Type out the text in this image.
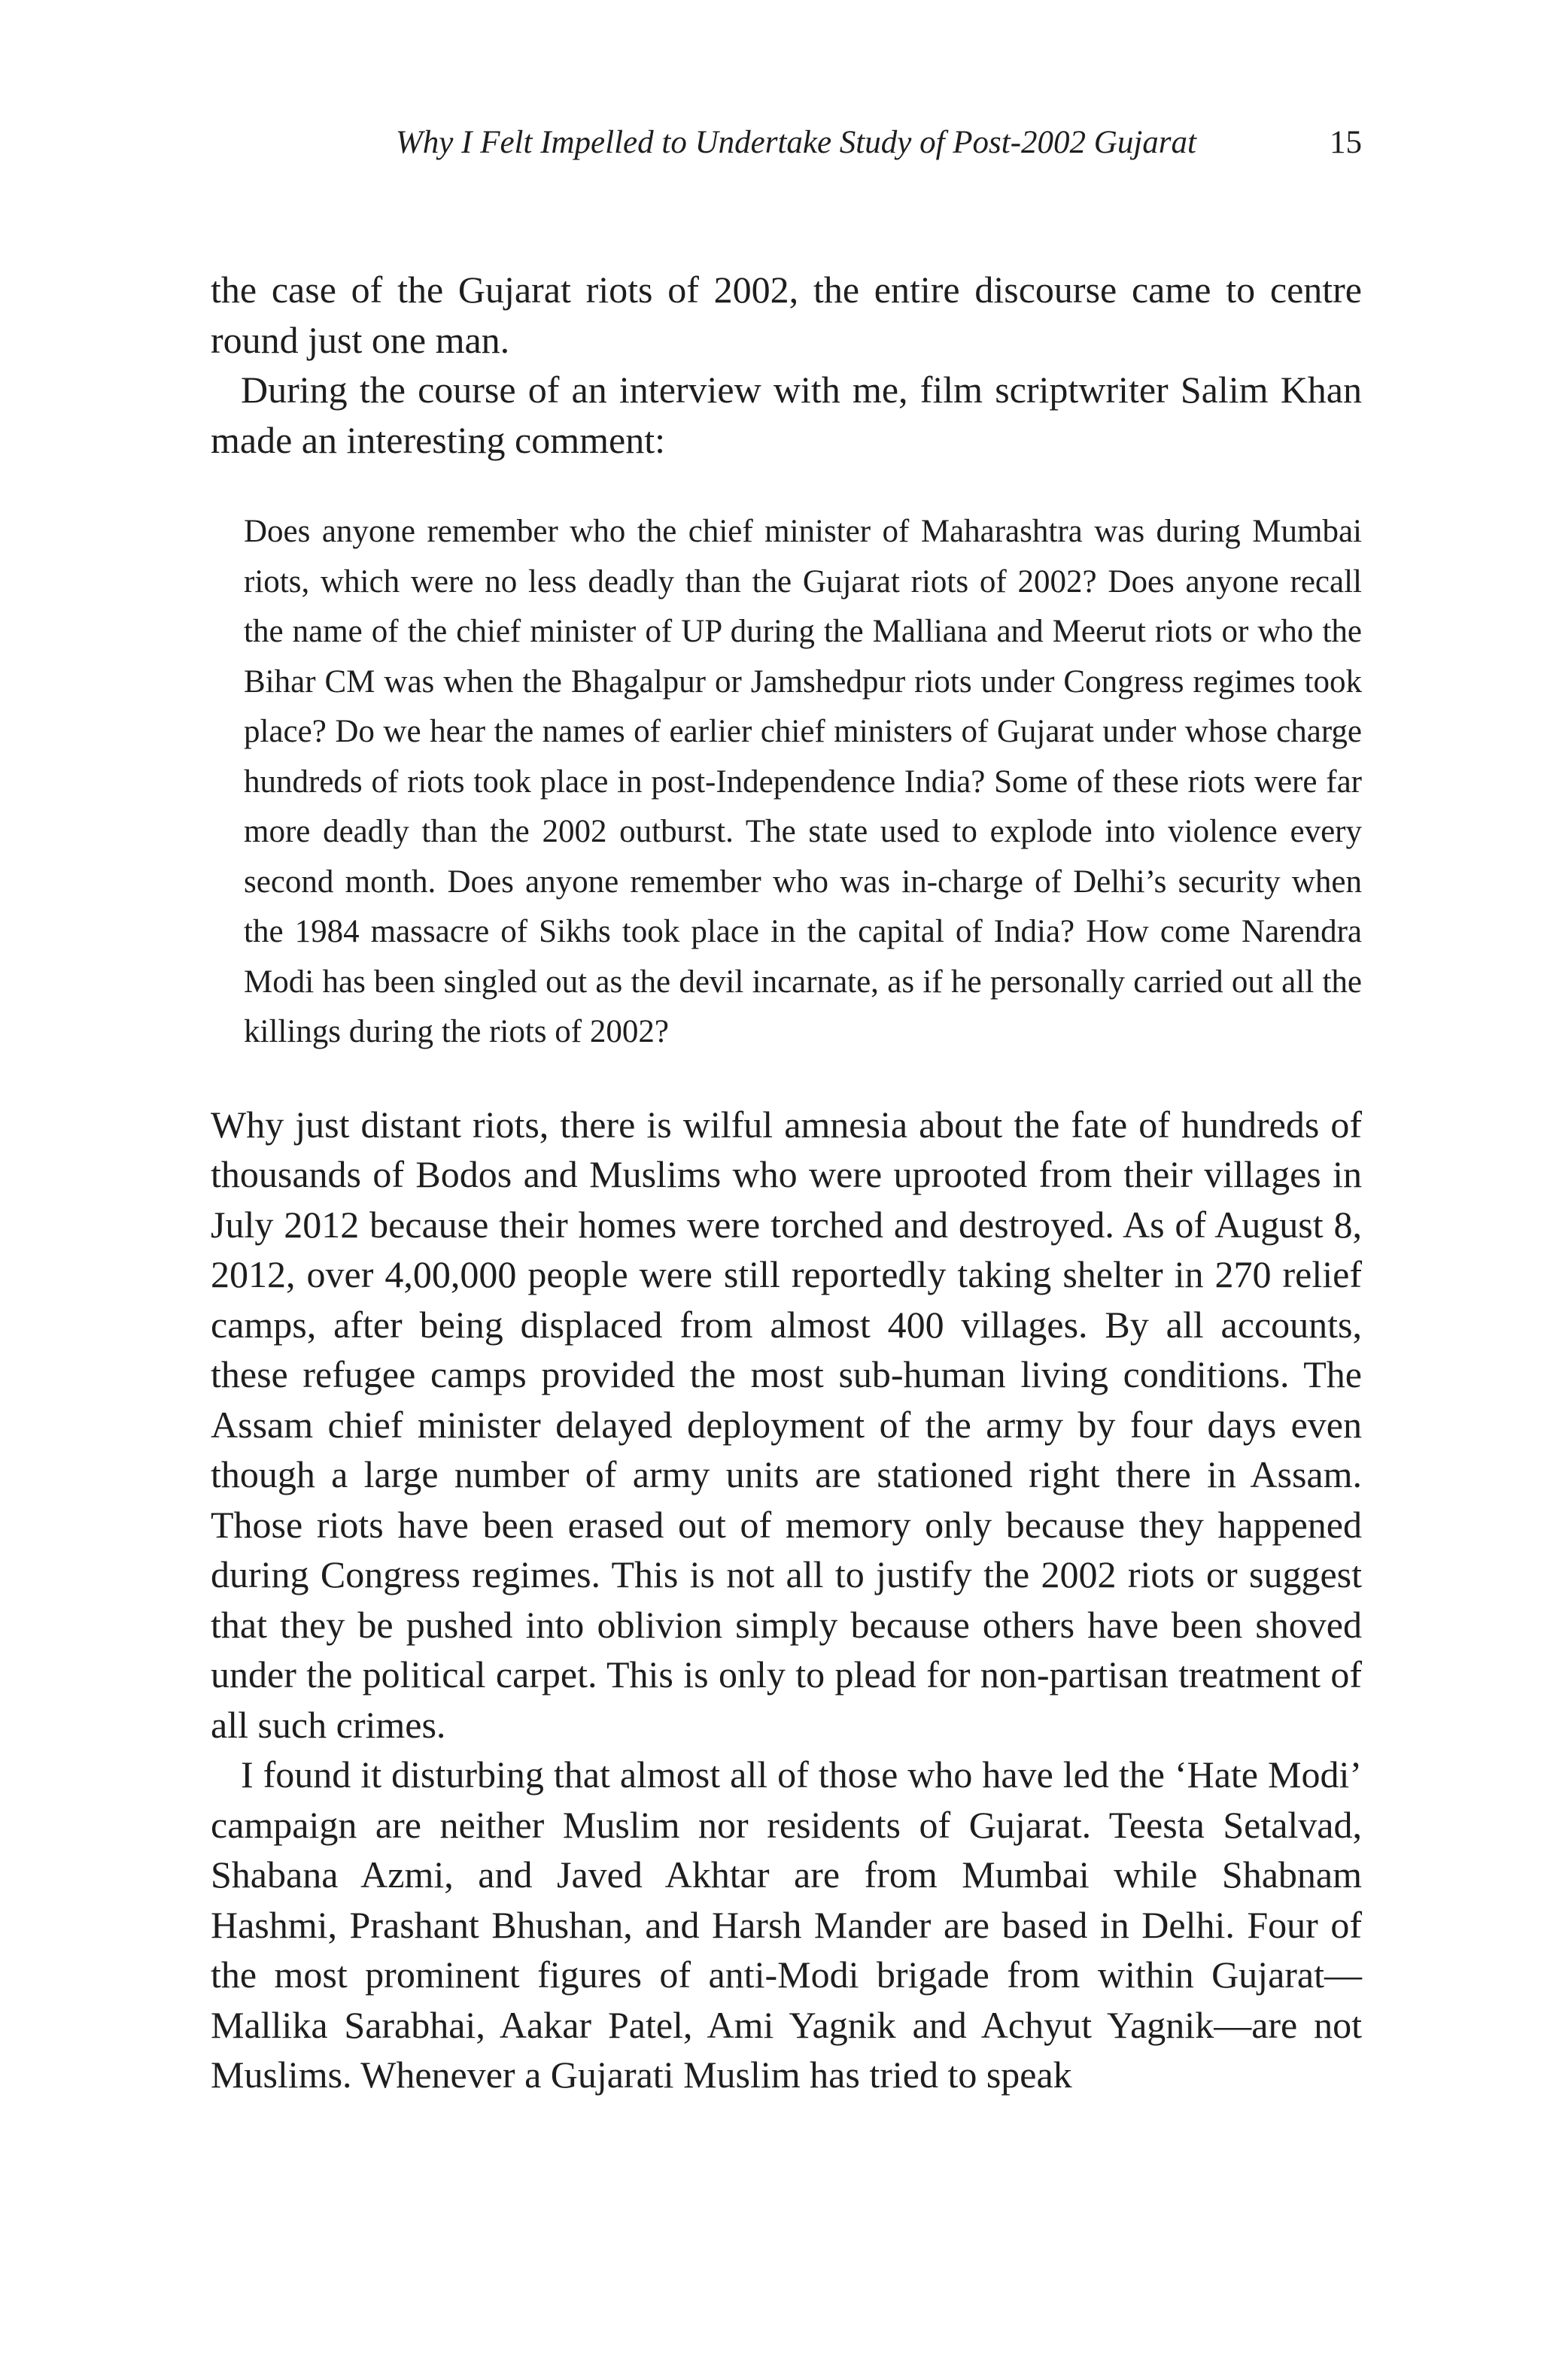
Why I Felt Impelled to Undertake Study of Post-2002 Gujarat	15

the case of the Gujarat riots of 2002, the entire discourse came to centre round just one man.

During the course of an interview with me, film scriptwriter Salim Khan made an interesting comment:

Does anyone remember who the chief minister of Maharashtra was during Mumbai riots, which were no less deadly than the Gujarat riots of 2002? Does anyone recall the name of the chief minister of UP during the Malliana and Meerut riots or who the Bihar CM was when the Bhagalpur or Jamshedpur riots under Congress regimes took place? Do we hear the names of earlier chief ministers of Gujarat under whose charge hundreds of riots took place in post-Independence India? Some of these riots were far more deadly than the 2002 outburst. The state used to explode into violence every second month. Does anyone remember who was in-charge of Delhi’s security when the 1984 massacre of Sikhs took place in the capital of India? How come Narendra Modi has been singled out as the devil incarnate, as if he personally carried out all the killings during the riots of 2002?

Why just distant riots, there is wilful amnesia about the fate of hundreds of thousands of Bodos and Muslims who were uprooted from their villages in July 2012 because their homes were torched and destroyed. As of August 8, 2012, over 4,00,000 people were still reportedly taking shelter in 270 relief camps, after being displaced from almost 400 villages. By all accounts, these refugee camps provided the most sub-human living conditions. The Assam chief minister delayed deployment of the army by four days even though a large number of army units are stationed right there in Assam. Those riots have been erased out of memory only because they happened during Congress regimes. This is not all to justify the 2002 riots or suggest that they be pushed into oblivion simply because others have been shoved under the political carpet. This is only to plead for non-partisan treatment of all such crimes.

I found it disturbing that almost all of those who have led the ‘Hate Modi’ campaign are neither Muslim nor residents of Gujarat. Teesta Setalvad, Shabana Azmi, and Javed Akhtar are from Mumbai while Shabnam Hashmi, Prashant Bhushan, and Harsh Mander are based in Delhi. Four of the most prominent figures of anti-Modi brigade from within Gujarat—Mallika Sarabhai, Aakar Patel, Ami Yagnik and Achyut Yagnik—are not Muslims. Whenever a Gujarati Muslim has tried to speak
